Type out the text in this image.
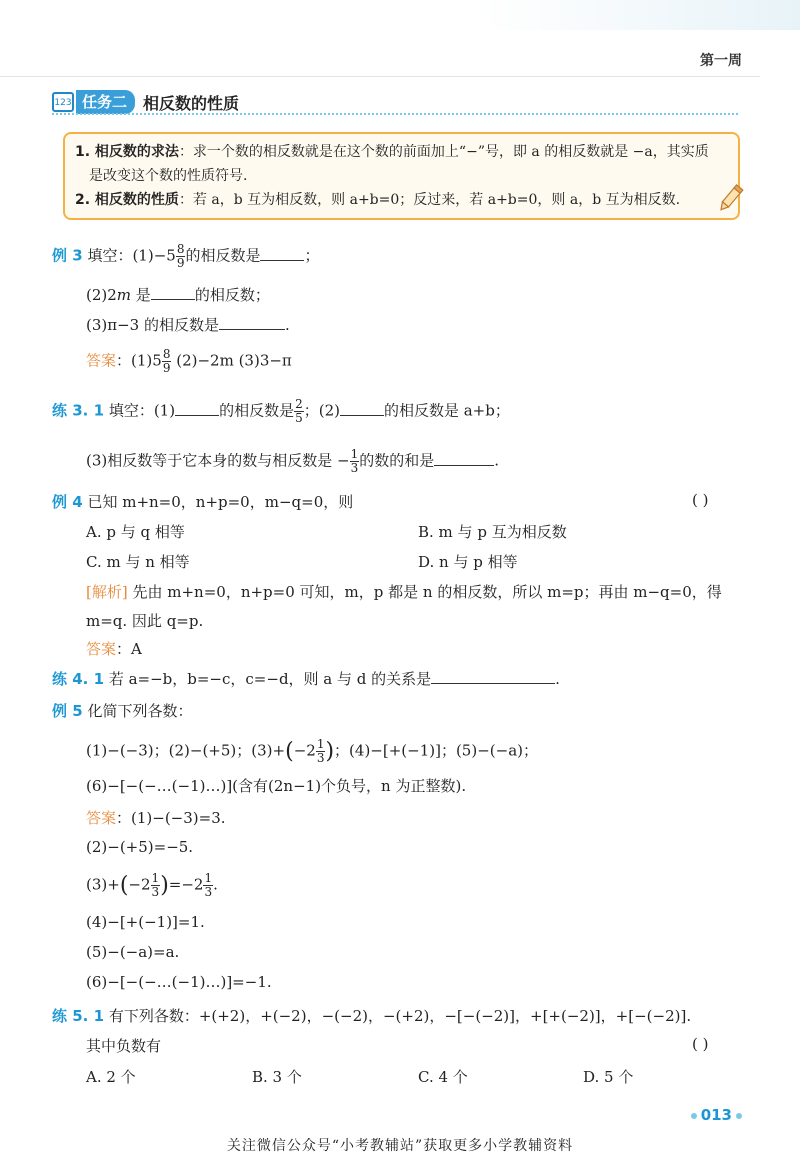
第一周
123 任务二	相反数的性质

1. 相反数的求法：求一个数的相反数就是在这个数的前面加上“−”号，即 a 的相反数就是 −a，其实质

是改变这个数的性质符号.

2. 相反数的性质：若 a，b 互为相反数，则 a+b=0；反过来，若 a+b=0，则 a，b 互为相反数.

例 3 填空：$(1)-5 \frac{8}{9}$ 的相反数是	；
(2)2m 是	的相反数；
(3)π−3 的相反数是	.
答案：$(1)5 \frac{8}{9} (2)-2m$ (3)3−π
练 3. 1 填空：(1)	的相反数是 $\frac{2}{5}$ ；(2)	的相反数是 a+b；
(3)相反数等于它本身的数与相反数是 − $\frac{1}{3}$ 的数的和是	.
例 4 已知 m+n=0，n+p=0，m−q=0，则	( )
A. p 与 q 相等	B. m 与 p 互为相反数
C. m 与 n 相等	D. n 与 p 相等
[解析] 先由 m+n=0，n+p=0 可知，m，p 都是 n 的相反数，所以 m=p；再由 m−q=0，得
m=q. 因此 q=p.
答案：A
练 4. 1 若 a=−b，b=−c，c=−d，则 a 与 d 的关系是	.
例 5 化简下列各数：
(1)−(−3)；(2)−(+5)；$(3)+(-2 \frac{1}{3}$ )；(4)−[+(−1)]；(5)−(−a)；
(6)−[−(−…(−1)…)](含有(2n−1)个负号，n 为正整数).
答案：(1)−(−3)=3.
(2)−(+5)=−5.
$(3)+(-2 \frac{1}{3} )=-2 \frac{1}{3}$ .
(4)−[+(−1)]=1.
(5)−(−a)=a.
(6)−[−(−…(−1)…)]=−1.
练 5. 1 有下列各数：+(+2)，+(−2)，−(−2)，−(+2)，−[−(−2)]，+[+(−2)]，+[−(−2)].
其中负数有	( )
A. 2 个	B. 3 个	C. 4 个	D. 5 个
013
关注微信公众号“小考教辅站”获取更多小学教辅资料
